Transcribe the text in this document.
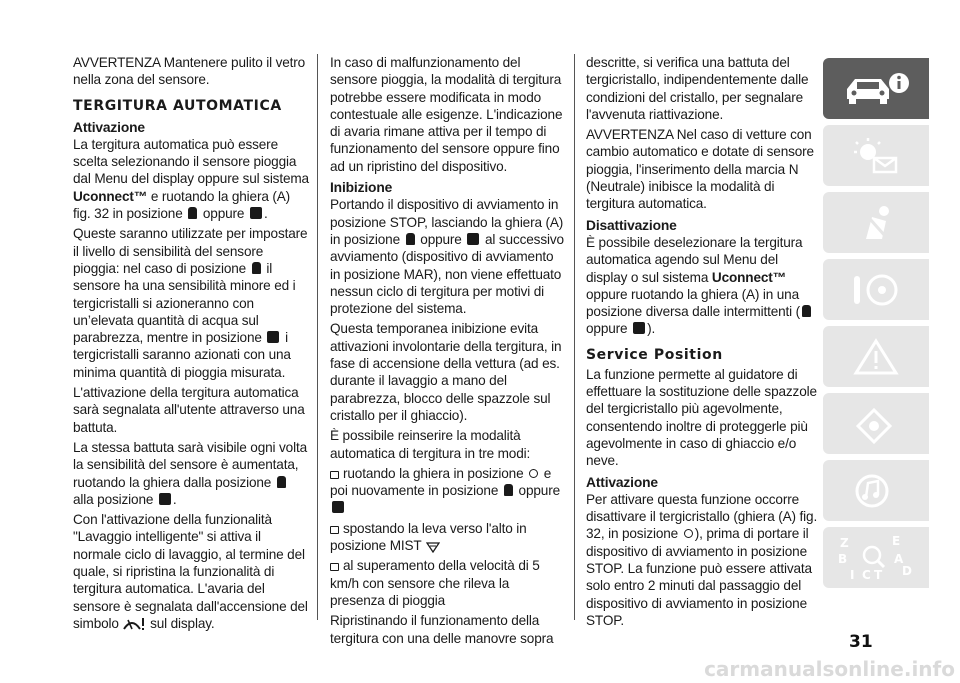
AVVERTENZA Mantenere pulito il vetro nella zona del sensore.

TERGITURA AUTOMATICA
Attivazione

La tergitura automatica può essere scelta selezionando il sensore pioggia dal Menu del display oppure sul sistema Uconnect™ e ruotando la ghiera (A) fig. 32 in posizione oppure .

Queste saranno utilizzate per impostare il livello di sensibilità del sensore pioggia: nel caso di posizione il sensore ha una sensibilità minore ed i tergicristalli si azioneranno con un’elevata quantità di acqua sul parabrezza, mentre in posizione i tergicristalli saranno azionati con una minima quantità di pioggia misurata.

L'attivazione della tergitura automatica sarà segnalata all'utente attraverso una battuta.

La stessa battuta sarà visibile ogni volta la sensibilità del sensore è aumentata, ruotando la ghiera dalla posizione  alla posizione .

Con l'attivazione della funzionalità "Lavaggio intelligente" si attiva il normale ciclo di lavaggio, al termine del quale, si ripristina la funzionalità di tergitura automatica. L'avaria del sensore è segnalata dall'accensione del simbolo sul display.

In caso di malfunzionamento del sensore pioggia, la modalità di tergitura potrebbe essere modificata in modo contestuale alle esigenze. L'indicazione di avaria rimane attiva per il tempo di funzionamento del sensore oppure fino ad un ripristino del dispositivo.

Inibizione

Portando il dispositivo di avviamento in posizione STOP, lasciando la ghiera (A) in posizione oppure al successivo avviamento (dispositivo di avviamento in posizione MAR), non viene effettuato nessun ciclo di tergitura per motivi di protezione del sistema.

Questa temporanea inibizione evita attivazioni involontarie della tergitura, in fase di accensione della vettura (ad es. durante il lavaggio a mano del parabrezza, blocco delle spazzole sul cristallo per il ghiaccio).

È possibile reinserire la modalità automatica di tergitura in tre modi:

ruotando la ghiera in posizione e poi nuovamente in posizione oppure

spostando la leva verso l'alto in posizione MIST

al superamento della velocità di 5 km/h con sensore che rileva la presenza di pioggia

Ripristinando il funzionamento della tergitura con una delle manovre sopra

descritte, si verifica una battuta del tergicristallo, indipendentemente dalle condizioni del cristallo, per segnalare l'avvenuta riattivazione.

AVVERTENZA Nel caso di vetture con cambio automatico e dotate di sensore pioggia, l'inserimento della marcia N (Neutrale) inibisce la modalità di tergitura automatica.

Disattivazione

È possibile deselezionare la tergitura automatica agendo sul Menu del display o sul sistema Uconnect™ oppure ruotando la ghiera (A) in una posizione diversa dalle intermittenti ( oppure ).

Service Position

La funzione permette al guidatore di effettuare la sostituzione delle spazzole del tergicristallo più agevolmente, consentendo inoltre di proteggerle più agevolmente in caso di ghiaccio e/o neve.

Attivazione

Per attivare questa funzione occorre disattivare il tergicristallo (ghiera (A) fig. 32, in posizione ), prima di portare il dispositivo di avviamento in posizione STOP. La funzione può essere attivata solo entro 2 minuti dal passaggio del dispositivo di avviamento in posizione STOP.

Z	E
B	A
I C T D
31
carmanualsonline.info
